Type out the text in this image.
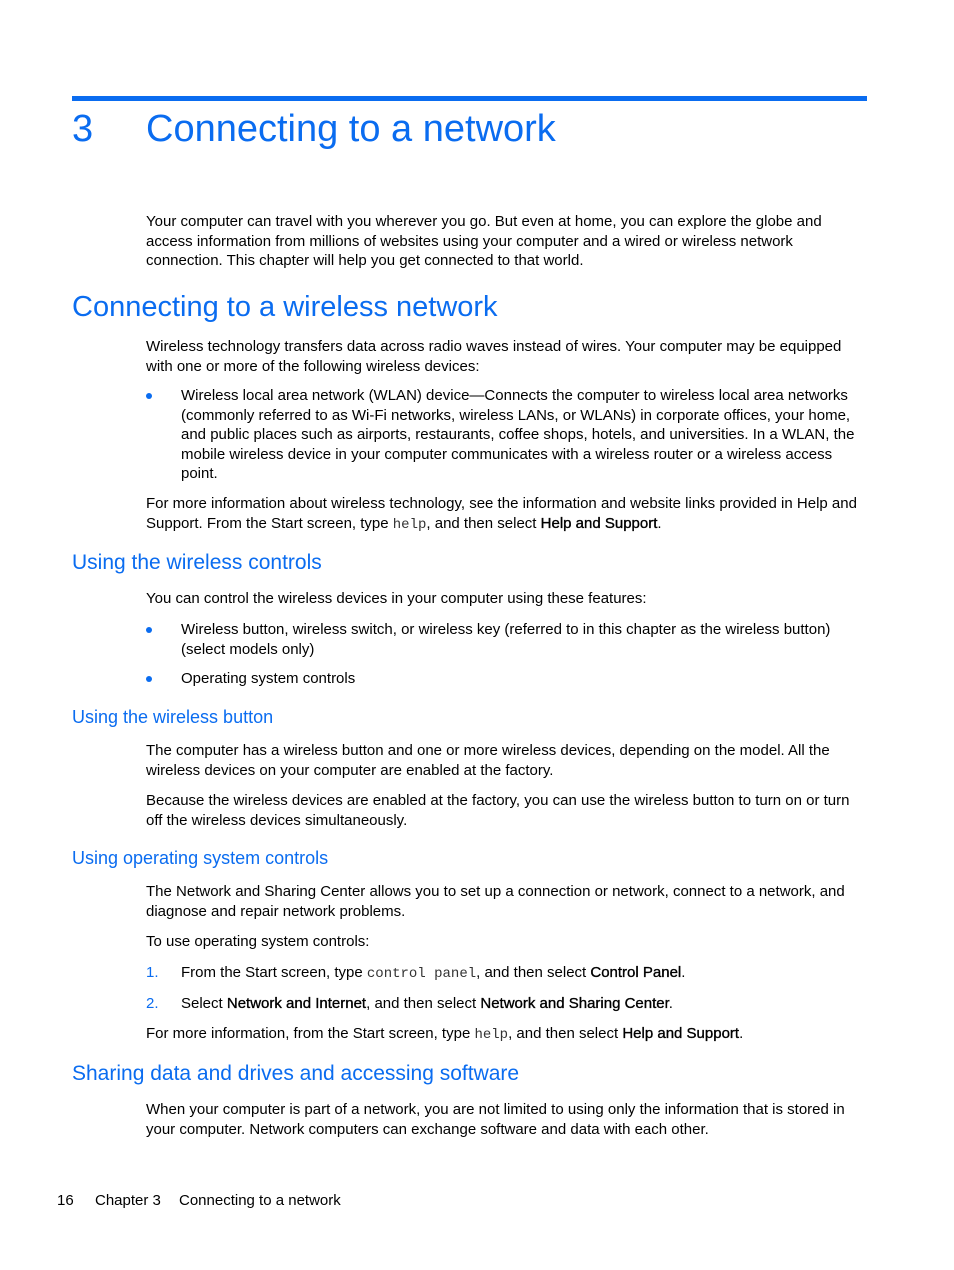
3 Connecting to a network
Your computer can travel with you wherever you go. But even at home, you can explore the globe and access information from millions of websites using your computer and a wired or wireless network connection. This chapter will help you get connected to that world.
Connecting to a wireless network
Wireless technology transfers data across radio waves instead of wires. Your computer may be equipped with one or more of the following wireless devices:
Wireless local area network (WLAN) device—Connects the computer to wireless local area networks (commonly referred to as Wi-Fi networks, wireless LANs, or WLANs) in corporate offices, your home, and public places such as airports, restaurants, coffee shops, hotels, and universities. In a WLAN, the mobile wireless device in your computer communicates with a wireless router or a wireless access point.
For more information about wireless technology, see the information and website links provided in Help and Support. From the Start screen, type help, and then select Help and Support.
Using the wireless controls
You can control the wireless devices in your computer using these features:
Wireless button, wireless switch, or wireless key (referred to in this chapter as the wireless button) (select models only)
Operating system controls
Using the wireless button
The computer has a wireless button and one or more wireless devices, depending on the model. All the wireless devices on your computer are enabled at the factory.
Because the wireless devices are enabled at the factory, you can use the wireless button to turn on or turn off the wireless devices simultaneously.
Using operating system controls
The Network and Sharing Center allows you to set up a connection or network, connect to a network, and diagnose and repair network problems.
To use operating system controls:
1. From the Start screen, type control panel, and then select Control Panel.
2. Select Network and Internet, and then select Network and Sharing Center.
For more information, from the Start screen, type help, and then select Help and Support.
Sharing data and drives and accessing software
When your computer is part of a network, you are not limited to using only the information that is stored in your computer. Network computers can exchange software and data with each other.
16 Chapter 3 Connecting to a network
